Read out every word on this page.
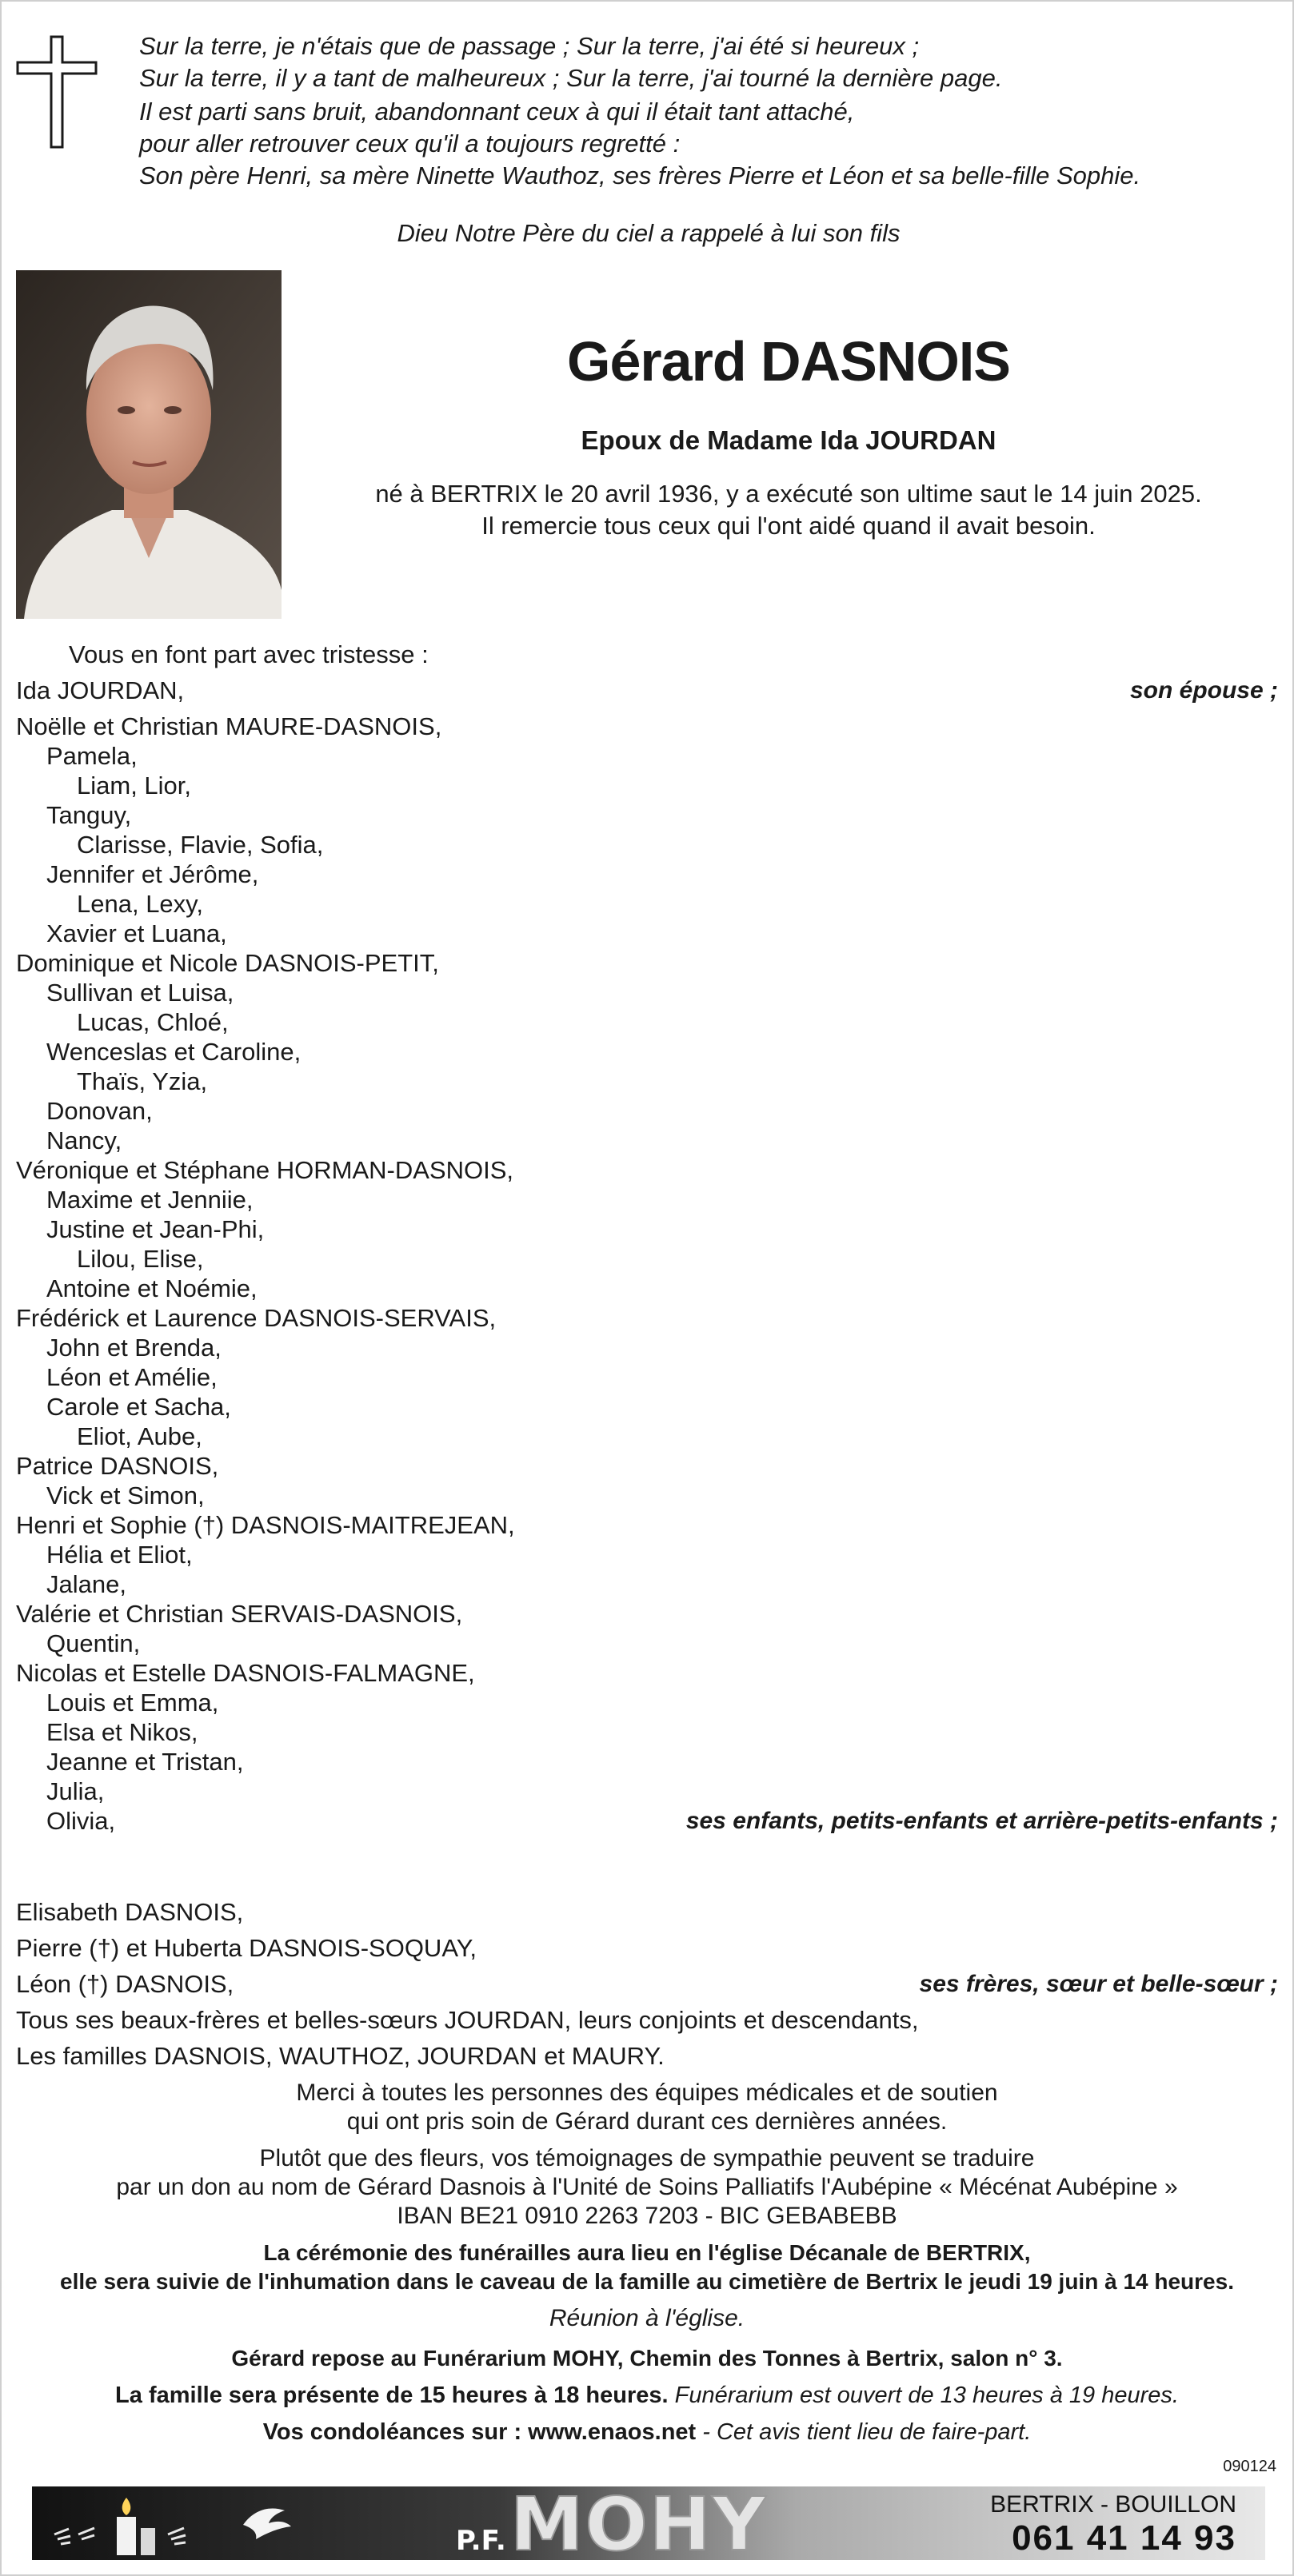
Sur la terre, je n'étais que de passage ; Sur la terre, j'ai été si heureux ;
Sur la terre, il y a tant de malheureux ; Sur la terre, j'ai tourné la dernière page.
Il est parti sans bruit, abandonnant ceux à qui il était tant attaché,
pour aller retrouver ceux qu'il a toujours regretté :
Son père Henri, sa mère Ninette Wauthoz, ses frères Pierre et Léon et sa belle-fille Sophie.
Dieu Notre Père du ciel a rappelé à lui son fils
Gérard DASNOIS
Epoux de Madame Ida JOURDAN
né à BERTRIX le 20 avril 1936, y a exécuté son ultime saut le 14 juin 2025.
Il remercie tous ceux qui l'ont aidé quand il avait besoin.
Vous en font part avec tristesse :
Ida JOURDAN,	son épouse ;
Noëlle et Christian MAURE-DASNOIS,
Pamela,
Liam, Lior,
Tanguy,
Clarisse, Flavie, Sofia,
Jennifer et Jérôme,
Lena, Lexy,
Xavier et Luana,
Dominique et Nicole DASNOIS-PETIT,
Sullivan et Luisa,
Lucas, Chloé,
Wenceslas et Caroline,
Thaïs, Yzia,
Donovan,
Nancy,
Véronique et Stéphane HORMAN-DASNOIS,
Maxime et Jenniie,
Justine et Jean-Phi,
Lilou, Elise,
Antoine et Noémie,
Frédérick et Laurence DASNOIS-SERVAIS,
John et Brenda,
Léon et Amélie,
Carole et Sacha,
Eliot, Aube,
Patrice DASNOIS,
Vick et Simon,
Henri et Sophie (†) DASNOIS-MAITREJEAN,
Hélia et Eliot,
Jalane,
Valérie et Christian SERVAIS-DASNOIS,
Quentin,
Nicolas et Estelle DASNOIS-FALMAGNE,
Louis et Emma,
Elsa et Nikos,
Jeanne et Tristan,
Julia,
Olivia,	ses enfants, petits-enfants et arrière-petits-enfants ;
Elisabeth DASNOIS,
Pierre (†) et Huberta DASNOIS-SOQUAY,
Léon (†) DASNOIS,	ses frères, sœur et belle-sœur ;
Tous ses beaux-frères et belles-sœurs JOURDAN, leurs conjoints et descendants,
Les familles DASNOIS, WAUTHOZ, JOURDAN et MAURY.
Merci à toutes les personnes des équipes médicales et de soutien
qui ont pris soin de Gérard durant ces dernières années.
Plutôt que des fleurs, vos témoignages de sympathie peuvent se traduire
par un don au nom de Gérard Dasnois à l'Unité de Soins Palliatifs l'Aubépine « Mécénat Aubépine »
IBAN BE21 0910 2263 7203 - BIC GEBABEBB
La cérémonie des funérailles aura lieu en l'église Décanale de BERTRIX,
elle sera suivie de l'inhumation dans le caveau de la famille au cimetière de Bertrix le jeudi 19 juin à 14 heures.
Réunion à l'église.
Gérard repose au Funérarium MOHY, Chemin des Tonnes à Bertrix, salon n° 3.
La famille sera présente de 15 heures à 18 heures. Funérarium est ouvert de 13 heures à 19 heures.
Vos condoléances sur : www.enaos.net - Cet avis tient lieu de faire-part.
090124
P.F. MOHY	BERTRIX - BOUILLON
061 41 14 93
